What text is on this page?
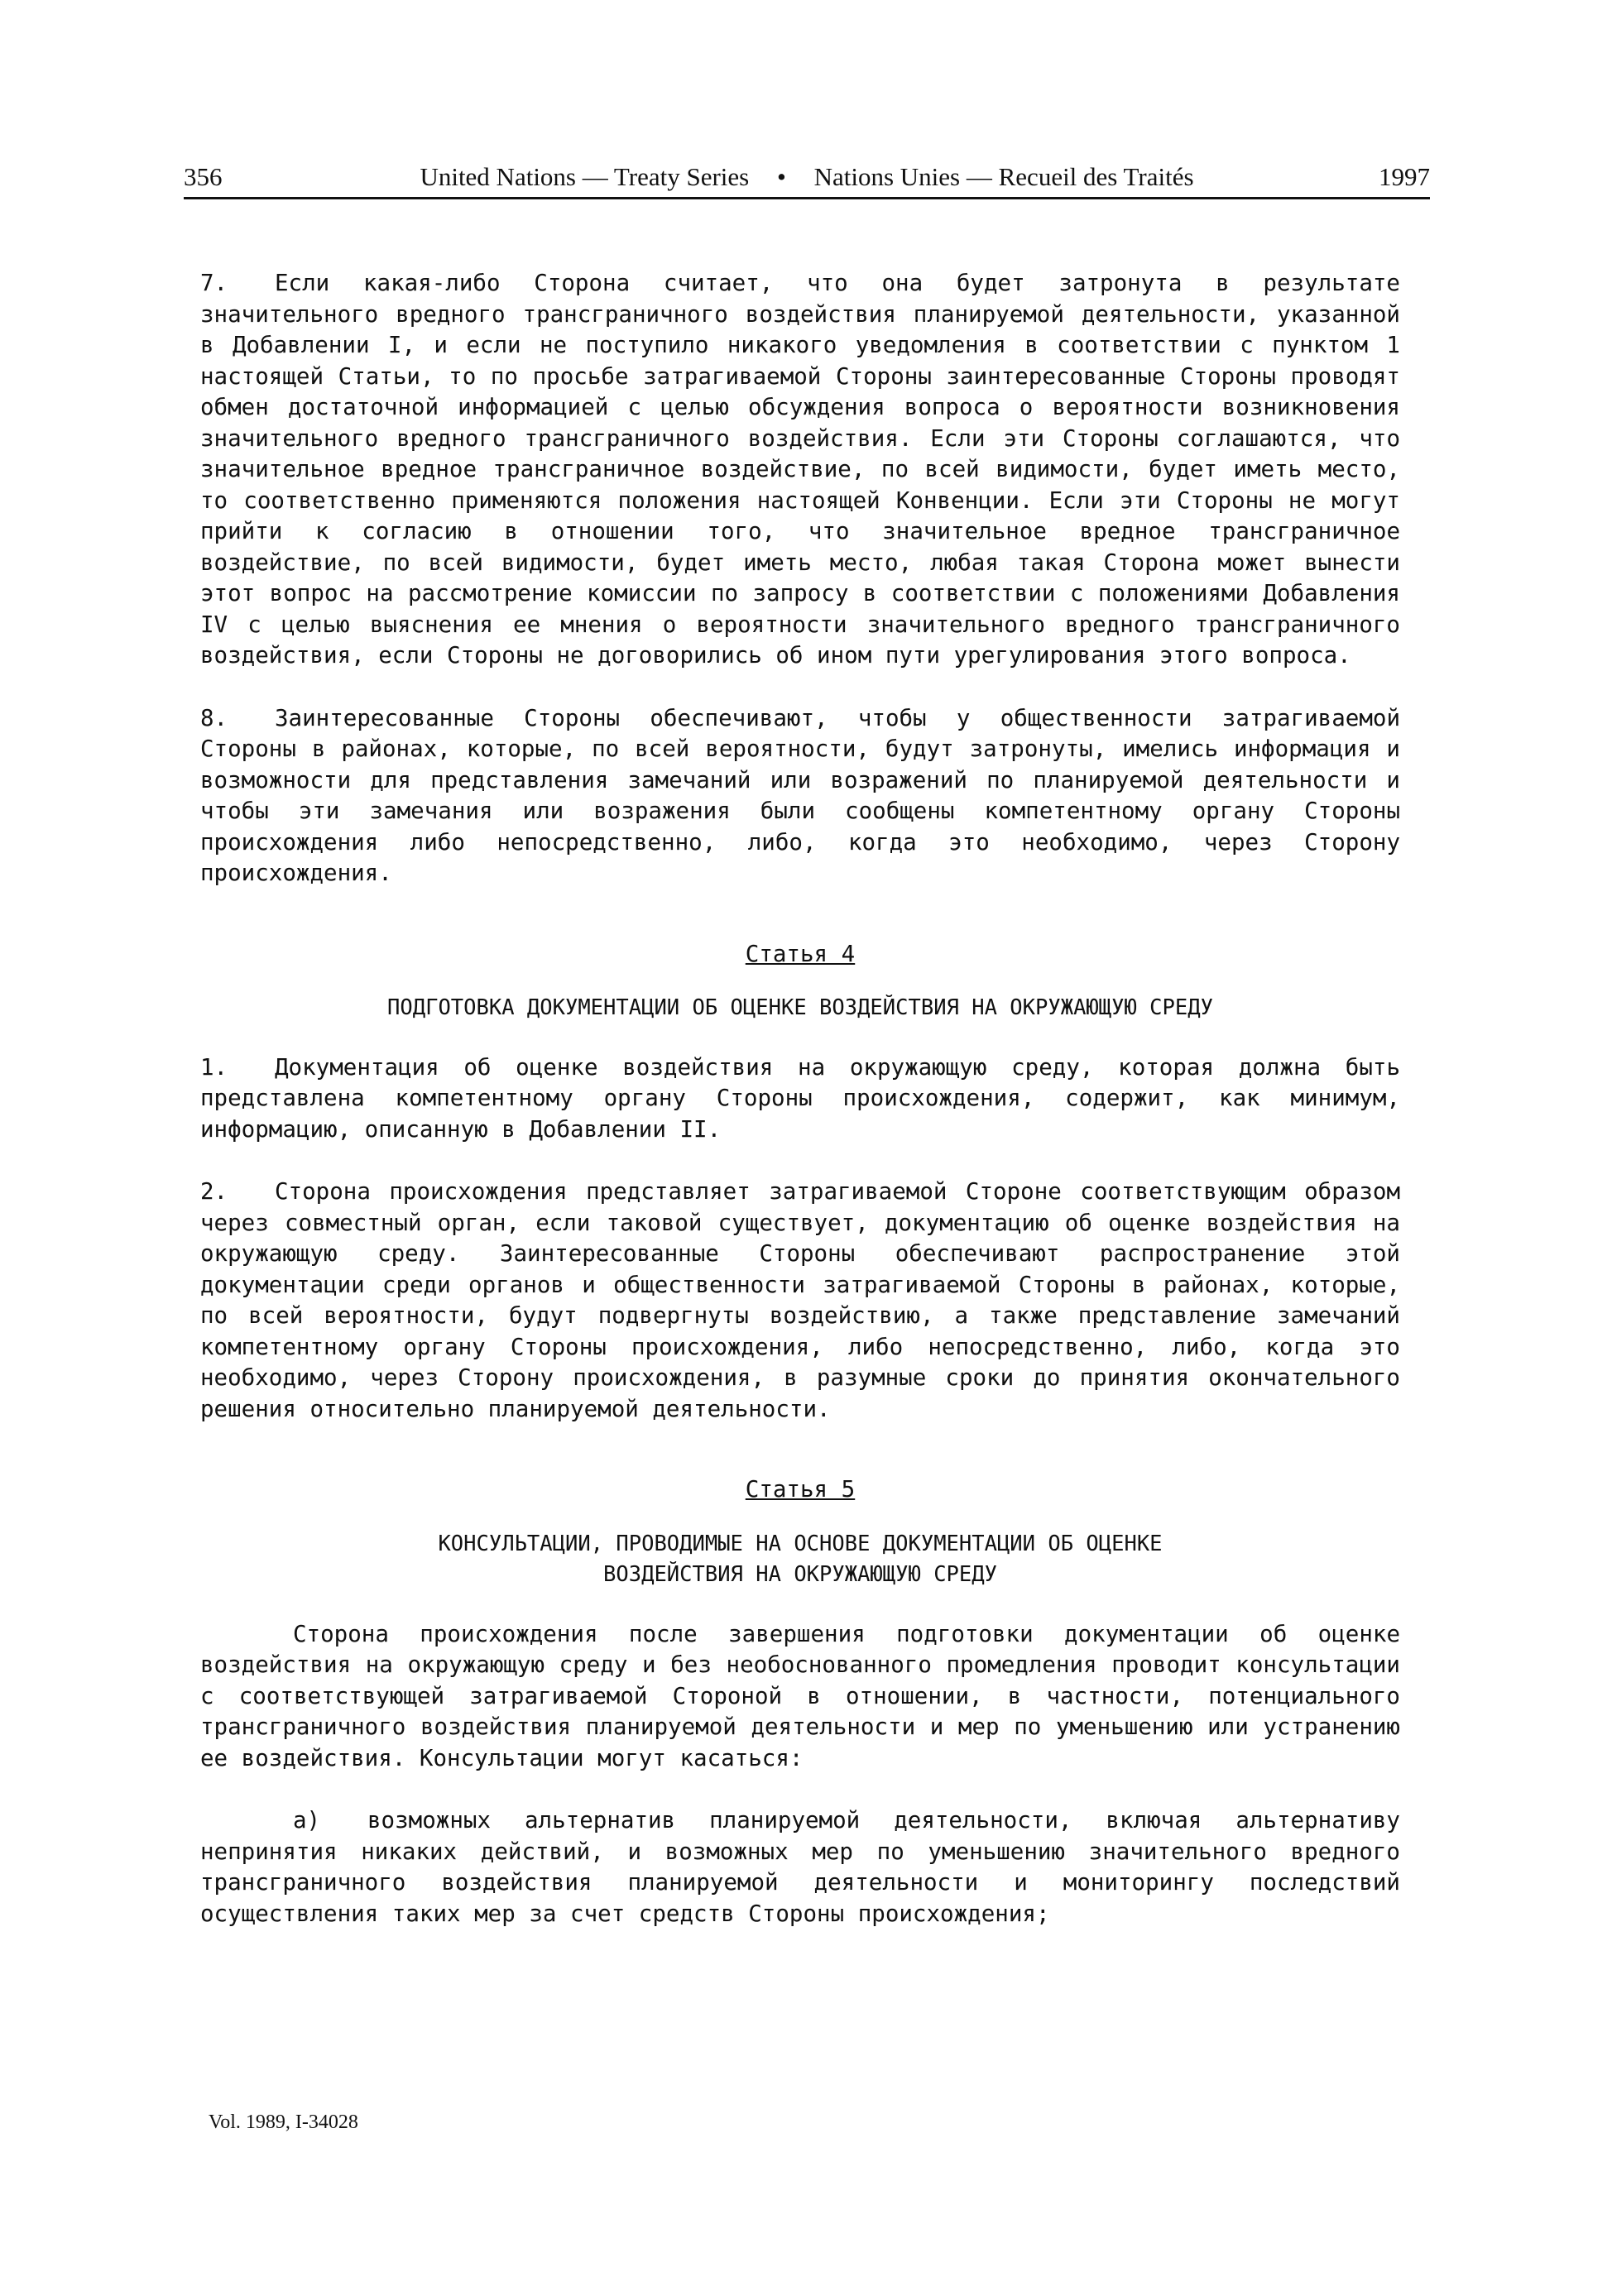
356	United Nations — Treaty Series • Nations Unies — Recueil des Traités	1997

7. Если какая-либо Сторона считает, что она будет затронута в результате значительного вредного трансграничного воздействия планируемой деятельности, указанной в Добавлении I, и если не поступило никакого уведомления в соответствии с пунктом 1 настоящей Статьи, то по просьбе затрагиваемой Стороны заинтересованные Стороны проводят обмен достаточной информацией с целью обсуждения вопроса о вероятности возникновения значительного вредного трансграничного воздействия. Если эти Стороны соглашаются, что значительное вредное трансграничное воздействие, по всей видимости, будет иметь место, то соответственно применяются положения настоящей Конвенции. Если эти Стороны не могут прийти к согласию в отношении того, что значительное вредное трансграничное воздействие, по всей видимости, будет иметь место, любая такая Сторона может вынести этот вопрос на рассмотрение комиссии по запросу в соответствии с положениями Добавления IV с целью выяснения ее мнения о вероятности значительного вредного трансграничного воздействия, если Стороны не договорились об ином пути урегулирования этого вопроса.

8. Заинтересованные Стороны обеспечивают, чтобы у общественности затрагиваемой Стороны в районах, которые, по всей вероятности, будут затронуты, имелись информация и возможности для представления замечаний или возражений по планируемой деятельности и чтобы эти замечания или возражения были сообщены компетентному органу Стороны происхождения либо непосредственно, либо, когда это необходимо, через Сторону происхождения.

Статья 4
ПОДГОТОВКА ДОКУМЕНТАЦИИ ОБ ОЦЕНКЕ ВОЗДЕЙСТВИЯ НА ОКРУЖАЮЩУЮ СРЕДУ

1. Документация об оценке воздействия на окружающую среду, которая должна быть представлена компетентному органу Стороны происхождения, содержит, как минимум, информацию, описанную в Добавлении II.

2. Сторона происхождения представляет затрагиваемой Стороне соответствующим образом через совместный орган, если таковой существует, документацию об оценке воздействия на окружающую среду. Заинтересованные Стороны обеспечивают распространение этой документации среди органов и общественности затрагиваемой Стороны в районах, которые, по всей вероятности, будут подвергнуты воздействию, а также представление замечаний компетентному органу Стороны происхождения, либо непосредственно, либо, когда это необходимо, через Сторону происхождения, в разумные сроки до принятия окончательного решения относительно планируемой деятельности.

Статья 5
КОНСУЛЬТАЦИИ, ПРОВОДИМЫЕ НА ОСНОВЕ ДОКУМЕНТАЦИИ ОБ ОЦЕНКЕ
ВОЗДЕЙСТВИЯ НА ОКРУЖАЮЩУЮ СРЕДУ

Сторона происхождения после завершения подготовки документации об оценке воздействия на окружающую среду и без необоснованного промедления проводит консультации с соответствующей затрагиваемой Стороной в отношении, в частности, потенциального трансграничного воздействия планируемой деятельности и мер по уменьшению или устранению ее воздействия. Консультации могут касаться:

a) возможных альтернатив планируемой деятельности, включая альтернативу непринятия никаких действий, и возможных мер по уменьшению значительного вредного трансграничного воздействия планируемой деятельности и мониторингу последствий осуществления таких мер за счет средств Стороны происхождения;

Vol. 1989, I-34028
